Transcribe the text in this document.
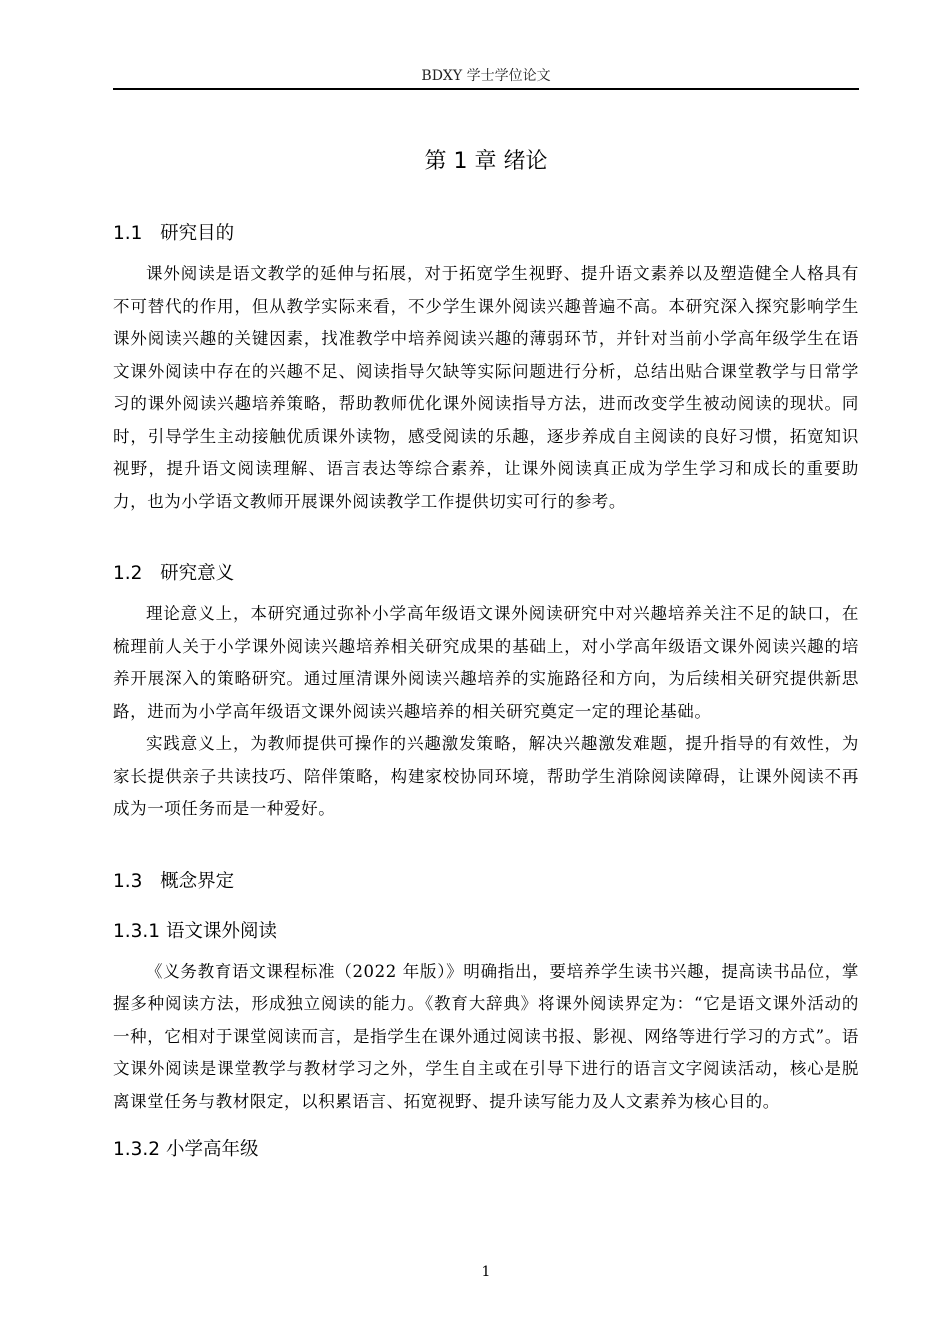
BDXY 学士学位论文
第 1 章 绪论
1.1   研究目的

课外阅读是语文教学的延伸与拓展，对于拓宽学生视野、提升语文素养以及塑造健全人格具有不可替代的作用，但从教学实际来看，不少学生课外阅读兴趣普遍不高。本研究深入探究影响学生课外阅读兴趣的关键因素，找准教学中培养阅读兴趣的薄弱环节，并针对当前小学高年级学生在语文课外阅读中存在的兴趣不足、阅读指导欠缺等实际问题进行分析，总结出贴合课堂教学与日常学习的课外阅读兴趣培养策略，帮助教师优化课外阅读指导方法，进而改变学生被动阅读的现状。同时，引导学生主动接触优质课外读物，感受阅读的乐趣，逐步养成自主阅读的良好习惯，拓宽知识视野，提升语文阅读理解、语言表达等综合素养，让课外阅读真正成为学生学习和成长的重要助力，也为小学语文教师开展课外阅读教学工作提供切实可行的参考。

1.2   研究意义

理论意义上，本研究通过弥补小学高年级语文课外阅读研究中对兴趣培养关注不足的缺口，在梳理前人关于小学课外阅读兴趣培养相关研究成果的基础上，对小学高年级语文课外阅读兴趣的培养开展深入的策略研究。通过厘清课外阅读兴趣培养的实施路径和方向，为后续相关研究提供新思路，进而为小学高年级语文课外阅读兴趣培养的相关研究奠定一定的理论基础。

实践意义上，为教师提供可操作的兴趣激发策略，解决兴趣激发难题，提升指导的有效性，为家长提供亲子共读技巧、陪伴策略，构建家校协同环境，帮助学生消除阅读障碍，让课外阅读不再成为一项任务而是一种爱好。

1.3   概念界定
1.3.1 语文课外阅读

《义务教育语文课程标准（2022 年版）》明确指出，要培养学生读书兴趣，提高读书品位，掌握多种阅读方法，形成独立阅读的能力。《教育大辞典》将课外阅读界定为：“它是语文课外活动的一种，它相对于课堂阅读而言，是指学生在课外通过阅读书报、影视、网络等进行学习的方式”。语文课外阅读是课堂教学与教材学习之外，学生自主或在引导下进行的语言文字阅读活动，核心是脱离课堂任务与教材限定，以积累语言、拓宽视野、提升读写能力及人文素养为核心目的。

1.3.2 小学高年级
1
